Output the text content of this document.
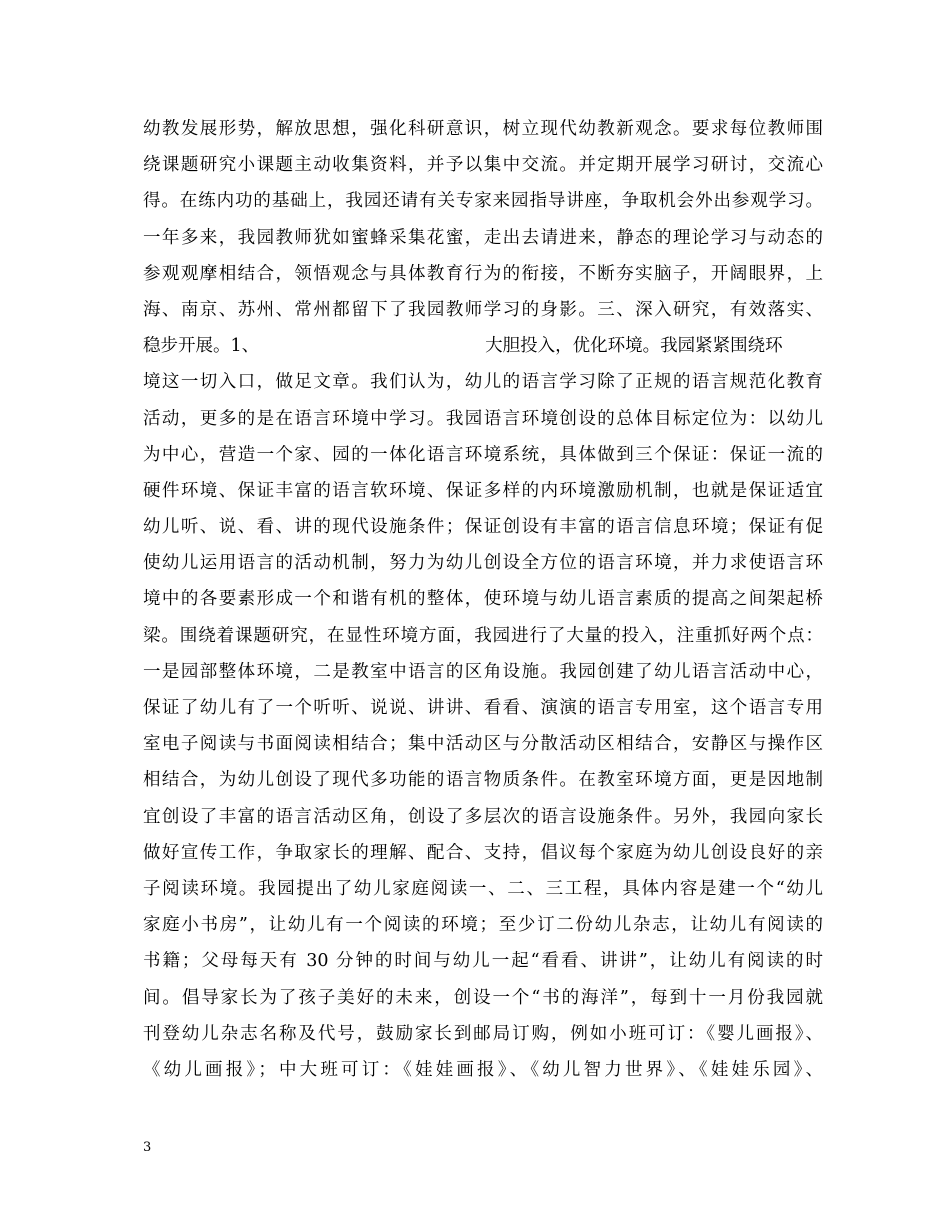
幼教发展形势，解放思想，强化科研意识，树立现代幼教新观念。要求每位教师围
绕课题研究小课题主动收集资料，并予以集中交流。并定期开展学习研讨，交流心
得。在练内功的基础上，我园还请有关专家来园指导讲座，争取机会外出参观学习。
一年多来，我园教师犹如蜜蜂采集花蜜，走出去请进来，静态的理论学习与动态的
参观观摩相结合，领悟观念与具体教育行为的衔接，不断夯实脑子，开阔眼界，上
海、南京、苏州、常州都留下了我园教师学习的身影。三、深入研究，有效落实、
稳步开展。1、	大胆投入，优化环境。我园紧紧围绕环
境这一切入口，做足文章。我们认为，幼儿的语言学习除了正规的语言规范化教育
活动，更多的是在语言环境中学习。我园语言环境创设的总体目标定位为：以幼儿
为中心，营造一个家、园的一体化语言环境系统，具体做到三个保证：保证一流的
硬件环境、保证丰富的语言软环境、保证多样的内环境激励机制，也就是保证适宜
幼儿听、说、看、讲的现代设施条件；保证创设有丰富的语言信息环境；保证有促
使幼儿运用语言的活动机制，努力为幼儿创设全方位的语言环境，并力求使语言环
境中的各要素形成一个和谐有机的整体，使环境与幼儿语言素质的提高之间架起桥
梁。围绕着课题研究，在显性环境方面，我园进行了大量的投入，注重抓好两个点：
一是园部整体环境，二是教室中语言的区角设施。我园创建了幼儿语言活动中心，
保证了幼儿有了一个听听、说说、讲讲、看看、演演的语言专用室，这个语言专用
室电子阅读与书面阅读相结合；集中活动区与分散活动区相结合，安静区与操作区
相结合，为幼儿创设了现代多功能的语言物质条件。在教室环境方面，更是因地制
宜创设了丰富的语言活动区角，创设了多层次的语言设施条件。另外，我园向家长
做好宣传工作，争取家长的理解、配合、支持，倡议每个家庭为幼儿创设良好的亲
子阅读环境。我园提出了幼儿家庭阅读一、二、三工程，具体内容是建一个“幼儿
家庭小书房”，让幼儿有一个阅读的环境；至少订二份幼儿杂志，让幼儿有阅读的
书籍；父母每天有 30 分钟的时间与幼儿一起“看看、讲讲”，让幼儿有阅读的时
间。倡导家长为了孩子美好的未来，创设一个“书的海洋”，每到十一月份我园就
刊登幼儿杂志名称及代号，鼓励家长到邮局订购，例如小班可订：《婴儿画报》、
《幼儿画报》；中大班可订：《娃娃画报》、《幼儿智力世界》、《娃娃乐园》、
3
